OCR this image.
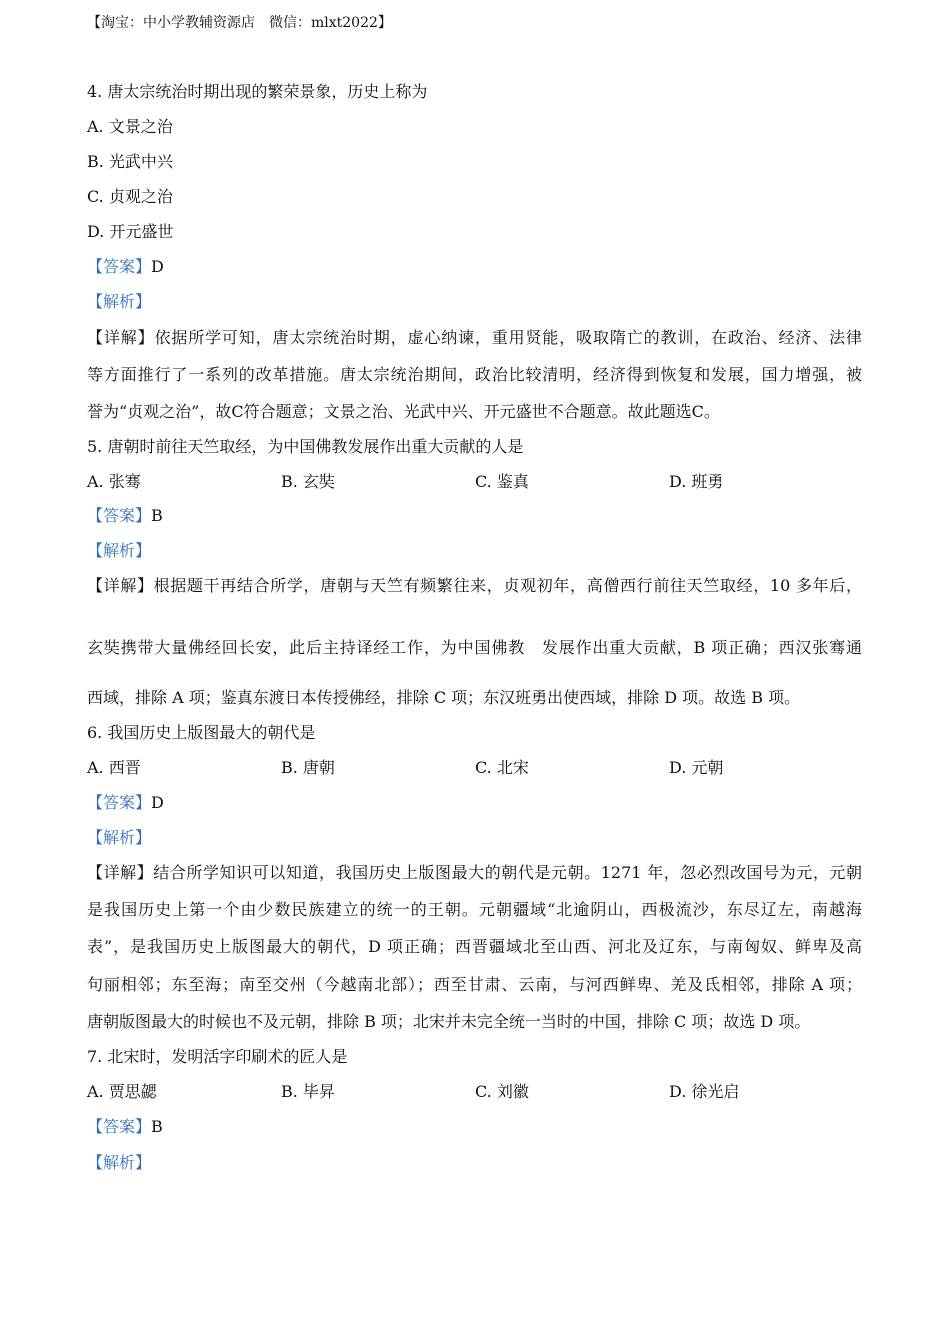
【淘宝：中小学教辅资源店　微信：mlxt2022】
4. 唐太宗统治时期出现的繁荣景象，历史上称为
A. 文景之治
B. 光武中兴
C. 贞观之治
D. 开元盛世
【答案】D
【解析】
【详解】依据所学可知，唐太宗统治时期，虚心纳谏，重用贤能，吸取隋亡的教训，在政治、经济、法律
等方面推行了一系列的改革措施。唐太宗统治期间，政治比较清明，经济得到恢复和发展，国力增强，被
誉为“贞观之治”，故C符合题意；文景之治、光武中兴、开元盛世不合题意。故此题选C。
5. 唐朝时前往天竺取经，为中国佛教发展作出重大贡献的人是
A. 张骞	B. 玄奘	C. 鉴真	D. 班勇
【答案】B
【解析】
【详解】根据题干再结合所学，唐朝与天竺有频繁往来，贞观初年，高僧西行前往天竺取经，10 多年后，
玄奘携带大量佛经回长安，此后主持译经工作，为中国佛教　发展作出重大贡献，B 项正确；西汉张骞通
西域，排除 A 项；鉴真东渡日本传授佛经，排除 C 项；东汉班勇出使西域，排除 D 项。故选 B 项。
6. 我国历史上版图最大的朝代是
A. 西晋	B. 唐朝	C. 北宋	D. 元朝
【答案】D
【解析】
【详解】结合所学知识可以知道，我国历史上版图最大的朝代是元朝。1271 年，忽必烈改国号为元，元朝
是我国历史上第一个由少数民族建立的统一的王朝。元朝疆域“北逾阴山，西极流沙，东尽辽左，南越海
表”，是我国历史上版图最大的朝代，D 项正确；西晋疆域北至山西、河北及辽东，与南匈奴、鲜卑及高
句丽相邻；东至海；南至交州（今越南北部）；西至甘肃、云南，与河西鲜卑、羌及氐相邻，排除 A 项；
唐朝版图最大的时候也不及元朝，排除 B 项；北宋并未完全统一当时的中国，排除 C 项；故选 D 项。
7. 北宋时，发明活字印刷术的匠人是
A. 贾思勰	B. 毕昇	C. 刘徽	D. 徐光启
【答案】B
【解析】
